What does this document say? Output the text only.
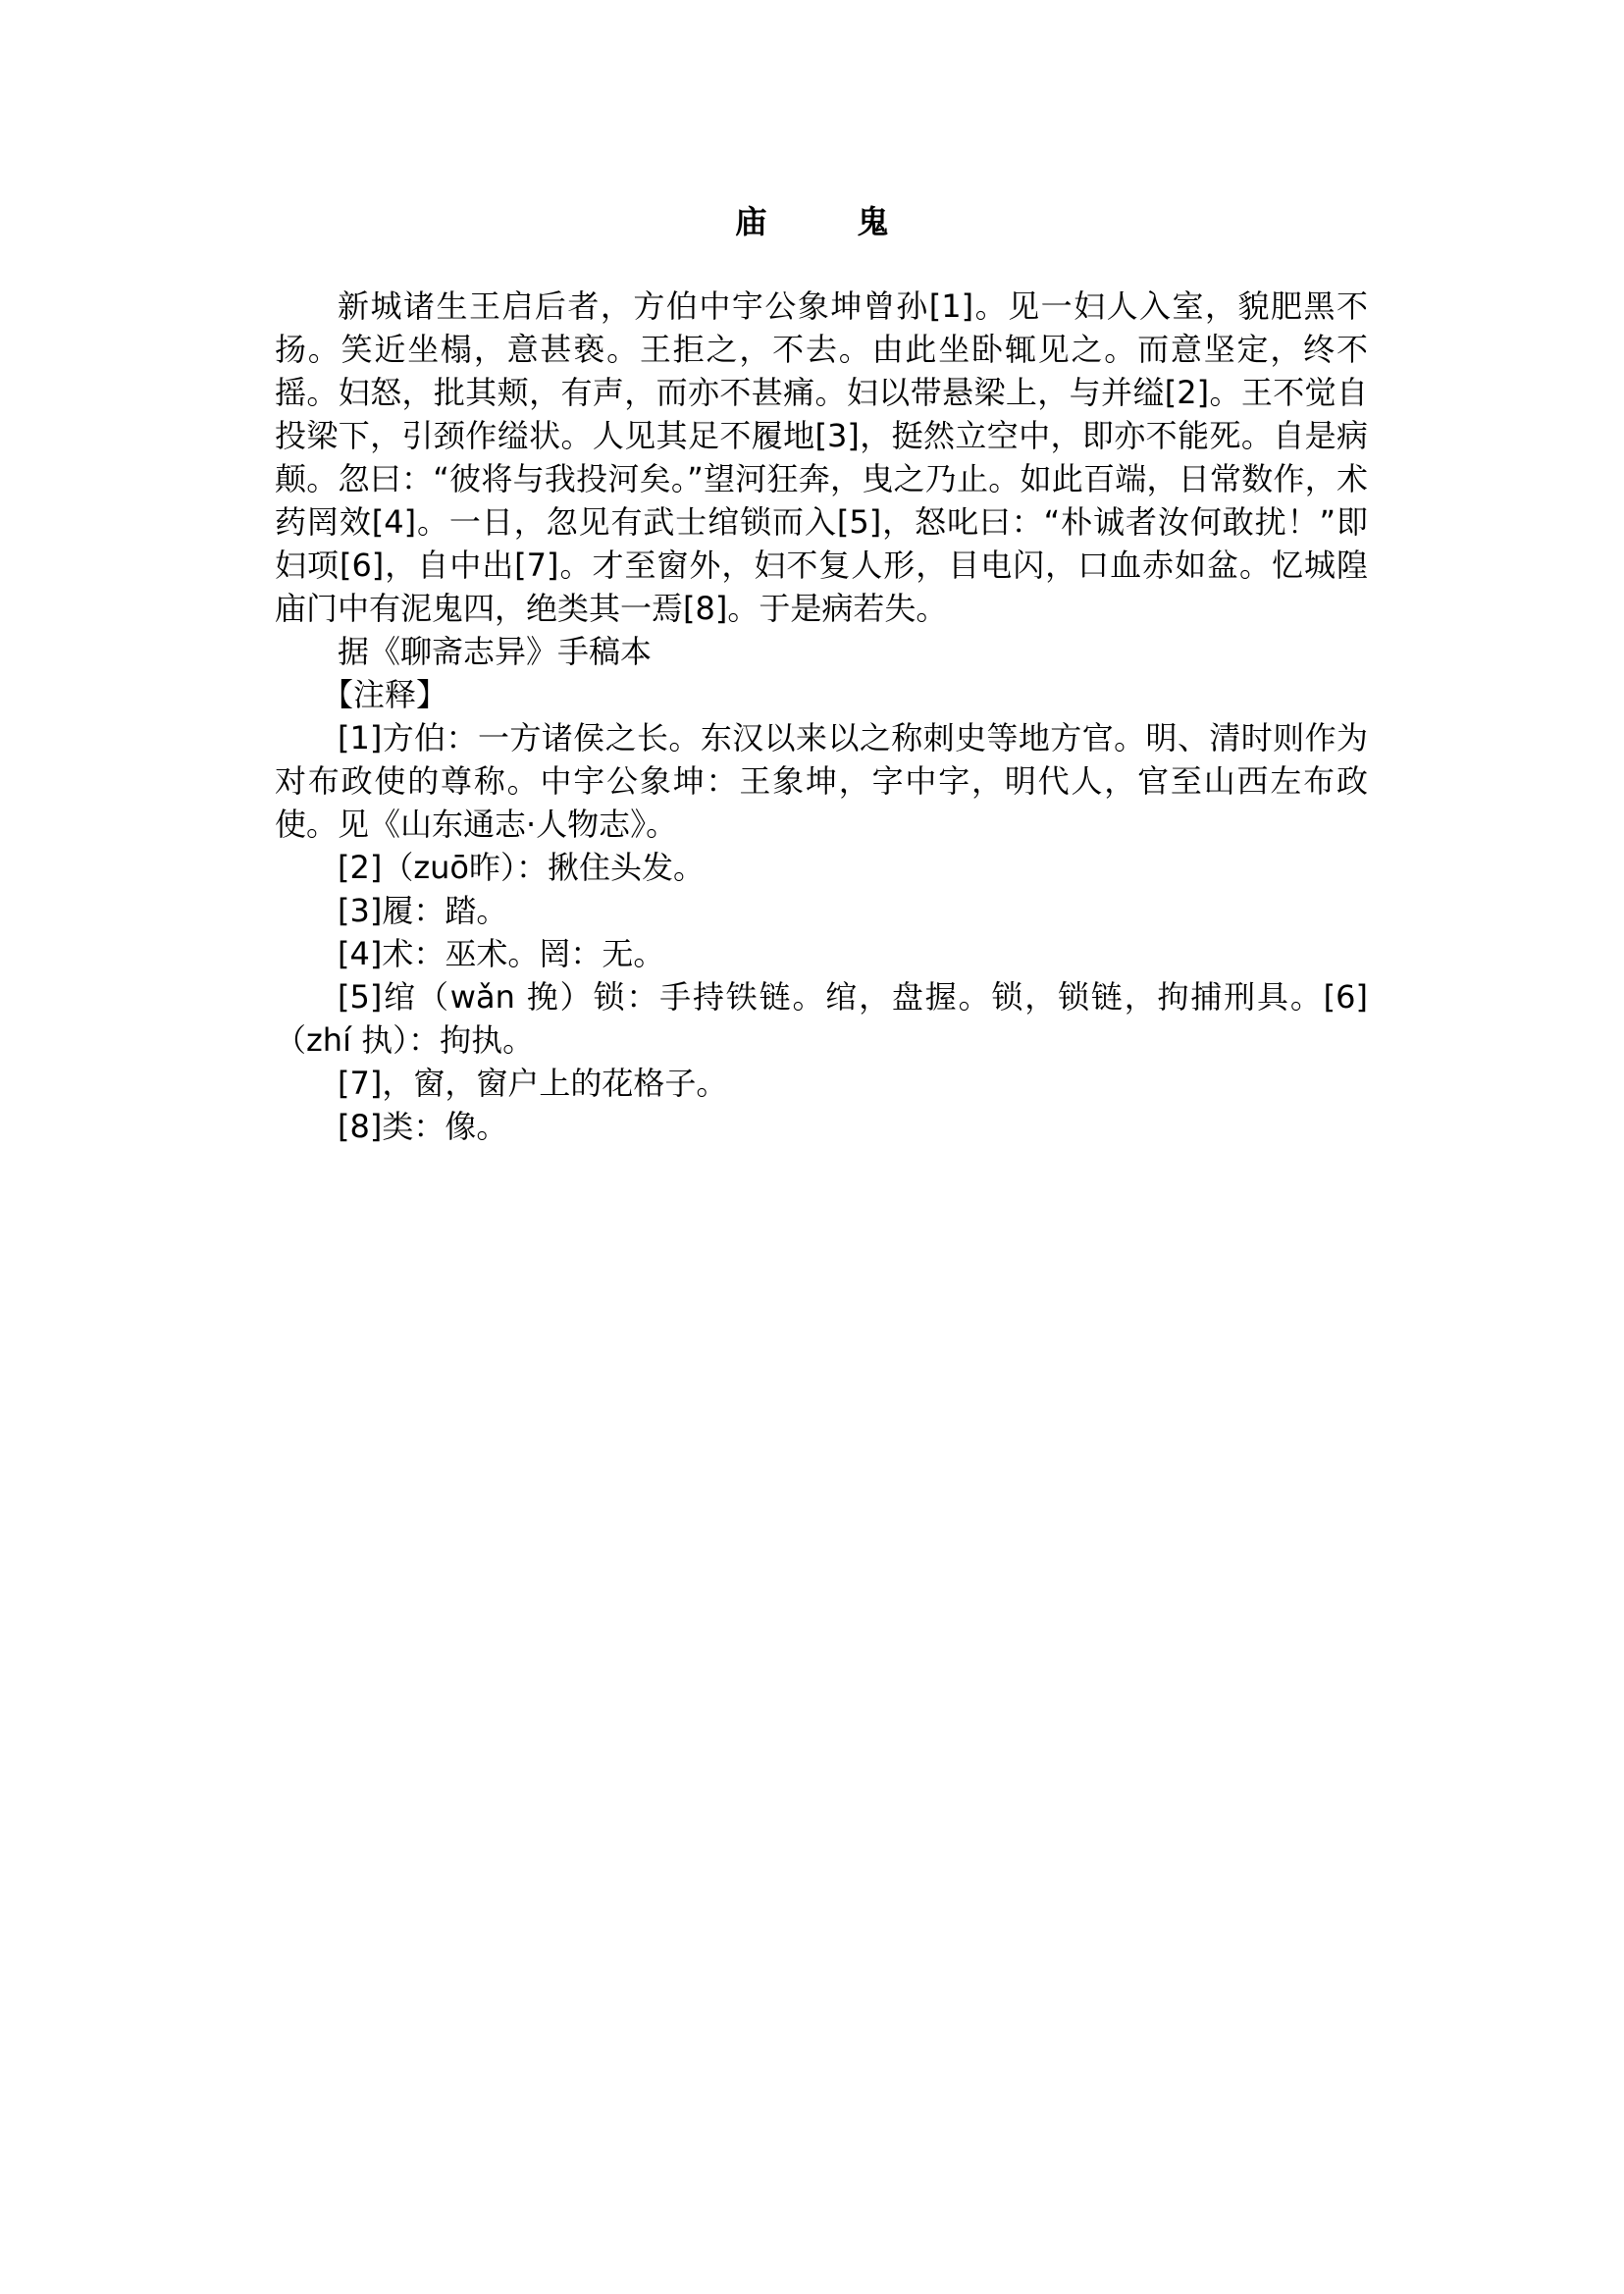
庙　鬼

新城诸生王启后者，方伯中宇公象坤曾孙[1]。见一妇人入室，貌肥黑不扬。笑近坐榻，意甚亵。王拒之，不去。由此坐卧辄见之。而意坚定，终不摇。妇怒，批其颊，有声，而亦不甚痛。妇以带悬梁上，与并缢[2]。王不觉自投梁下，引颈作缢状。人见其足不履地[3]，挺然立空中，即亦不能死。自是病颠。忽曰：“彼将与我投河矣。”望河狂奔，曳之乃止。如此百端，日常数作，术药罔效[4]。一日，忽见有武士绾锁而入[5]，怒叱曰：“朴诚者汝何敢扰！”即妇项[6]，自中出[7]。才至窗外，妇不复人形，目电闪，口血赤如盆。忆城隍庙门中有泥鬼四，绝类其一焉[8]。于是病若失。

据《聊斋志异》手稿本

【注释】

[1]方伯：一方诸侯之长。东汉以来以之称刺史等地方官。明、清时则作为对布政使的尊称。中宇公象坤：王象坤，字中字，明代人，官至山西左布政使。见《山东通志·人物志》。

[2]（zuō昨）：揪住头发。

[3]履：踏。

[4]术：巫术。罔：无。

[5]绾（wǎn 挽）锁：手持铁链。绾，盘握。锁，锁链，拘捕刑具。[6]（zhí 执）：拘执。

[7]，窗，窗户上的花格子。

[8]类：像。
